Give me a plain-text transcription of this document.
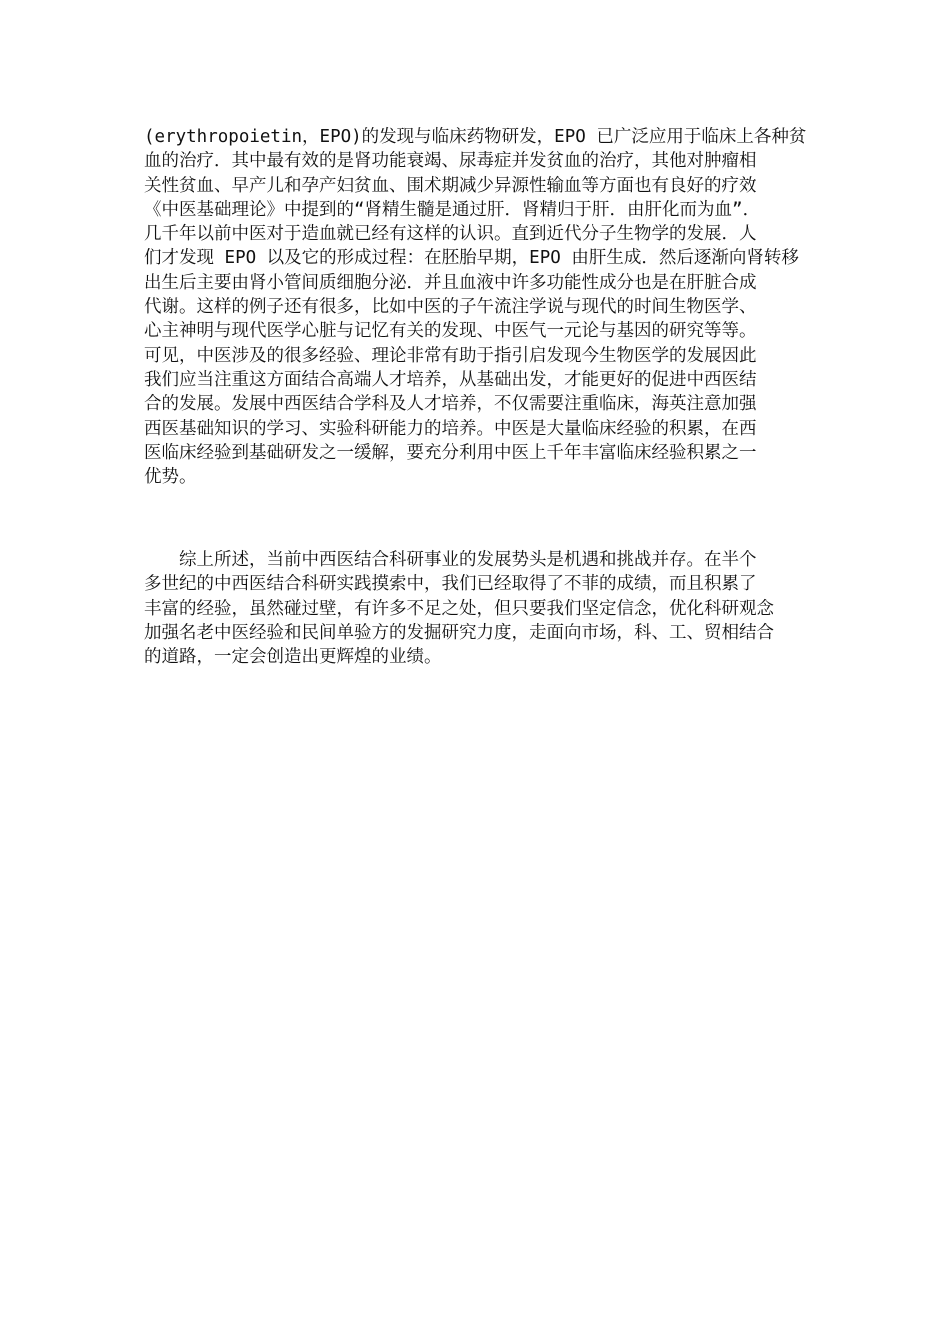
(erythropoietin，EPO)的发现与临床药物研发，EPO 已广泛应用于临床上各种贫
血的治疗．其中最有效的是肾功能衰竭、尿毒症并发贫血的治疗，其他对肿瘤相
关性贫血、早产儿和孕产妇贫血、围术期减少异源性输血等方面也有良好的疗效
《中医基础理论》中提到的“肾精生髓是通过肝．肾精归于肝．由肝化而为血”．
几千年以前中医对于造血就已经有这样的认识。直到近代分子生物学的发展．人
们才发现 EPO 以及它的形成过程：在胚胎早期，EPO 由肝生成．然后逐渐向肾转移
出生后主要由肾小管间质细胞分泌．并且血液中许多功能性成分也是在肝脏合成
代谢。这样的例子还有很多，比如中医的子午流注学说与现代的时间生物医学、
心主神明与现代医学心脏与记忆有关的发现、中医气一元论与基因的研究等等。
可见，中医涉及的很多经验、理论非常有助于指引启发现今生物医学的发展因此
我们应当注重这方面结合高端人才培养，从基础出发，才能更好的促进中西医结
合的发展。发展中西医结合学科及人才培养，不仅需要注重临床，海英注意加强
西医基础知识的学习、实验科研能力的培养。中医是大量临床经验的积累，在西
医临床经验到基础研发之一缓解，要充分利用中医上千年丰富临床经验积累之一
优势。
　　综上所述，当前中西医结合科研事业的发展势头是机遇和挑战并存。在半个
多世纪的中西医结合科研实践摸索中，我们已经取得了不菲的成绩，而且积累了
丰富的经验，虽然碰过壁，有许多不足之处，但只要我们坚定信念，优化科研观念
加强名老中医经验和民间单验方的发掘研究力度，走面向市场，科、工、贸相结合
的道路，一定会创造出更辉煌的业绩。
